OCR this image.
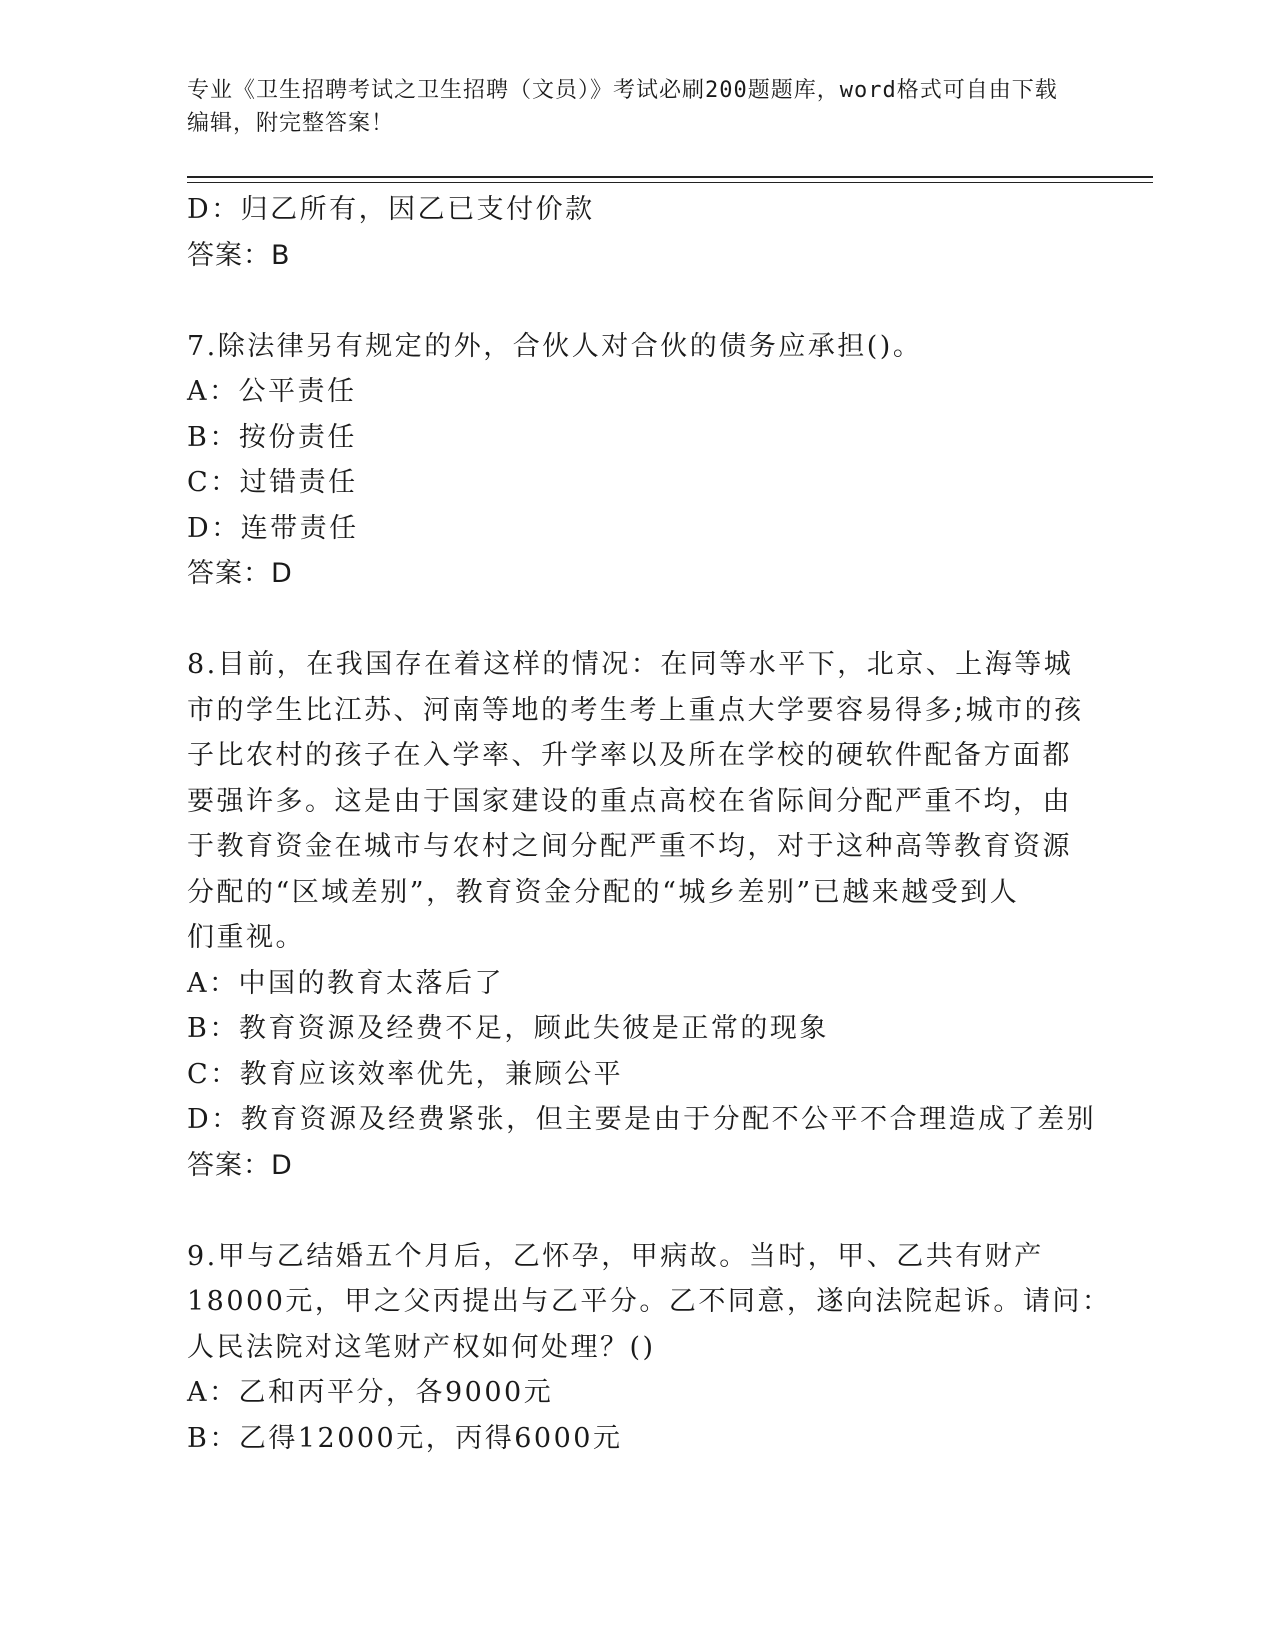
专业《卫生招聘考试之卫生招聘（文员）》考试必刷200题题库，word格式可自由下载编辑，附完整答案！

D：归乙所有，因乙已支付价款

答案：B

7.除法律另有规定的外，合伙人对合伙的债务应承担()。

A：公平责任

B：按份责任

C：过错责任

D：连带责任

答案：D

8.目前，在我国存在着这样的情况：在同等水平下，北京、上海等城

市的学生比江苏、河南等地的考生考上重点大学要容易得多;城市的孩

子比农村的孩子在入学率、升学率以及所在学校的硬软件配备方面都

要强许多。这是由于国家建设的重点高校在省际间分配严重不均，由

于教育资金在城市与农村之间分配严重不均，对于这种高等教育资源

分配的“区域差别”，教育资金分配的“城乡差别”已越来越受到人

们重视。

A：中国的教育太落后了

B：教育资源及经费不足，顾此失彼是正常的现象

C：教育应该效率优先，兼顾公平

D：教育资源及经费紧张，但主要是由于分配不公平不合理造成了差别

答案：D

9.甲与乙结婚五个月后，乙怀孕，甲病故。当时，甲、乙共有财产

18000元，甲之父丙提出与乙平分。乙不同意，遂向法院起诉。请问：

人民法院对这笔财产权如何处理？()

A：乙和丙平分，各9000元

B：乙得12000元，丙得6000元
